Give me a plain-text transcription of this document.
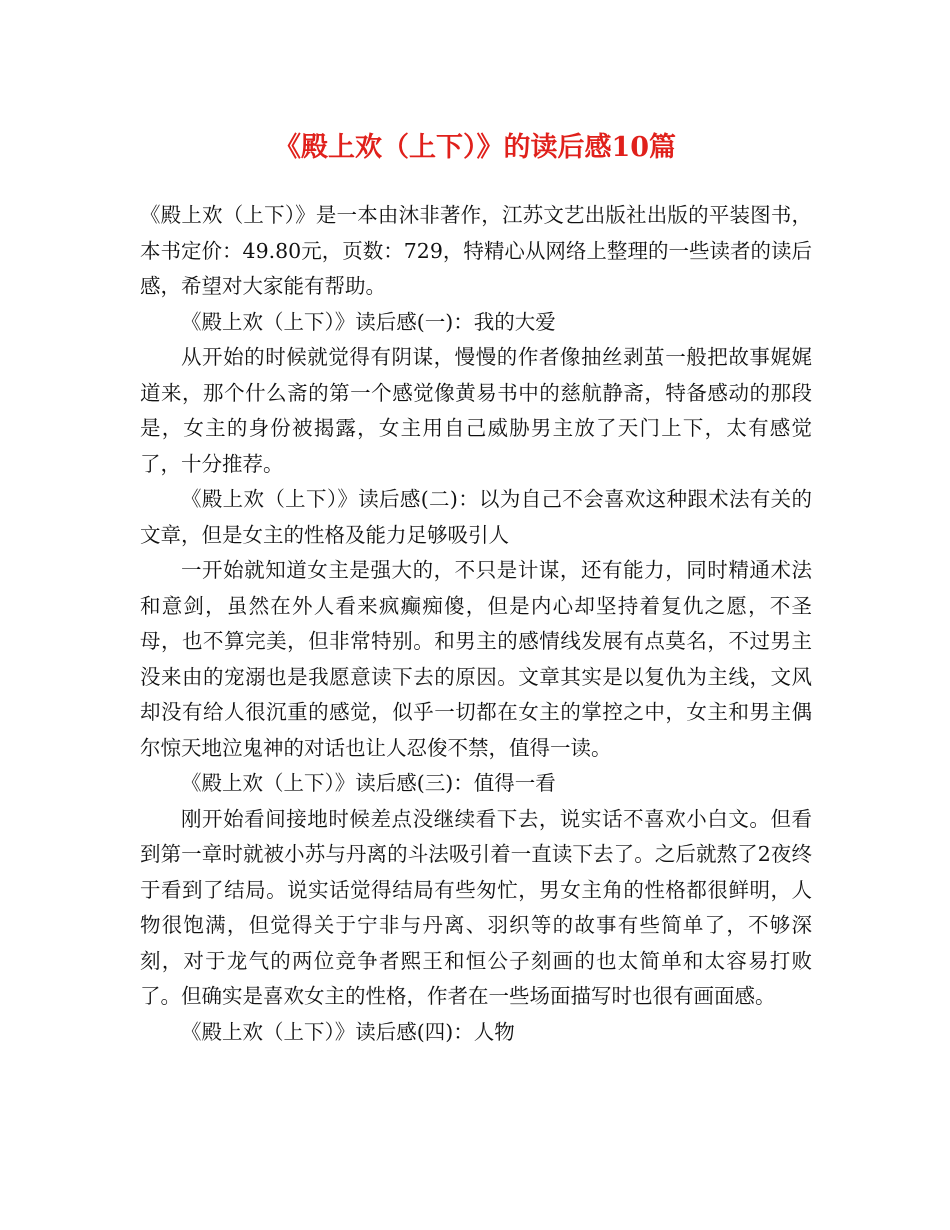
《殿上欢（上下）》的读后感10篇

《殿上欢（上下）》是一本由沐非著作，江苏文艺出版社出版的平装图书，本书定价：49.80元，页数：729，特精心从网络上整理的一些读者的读后感，希望对大家能有帮助。

《殿上欢（上下）》读后感(一)：我的大爱

从开始的时候就觉得有阴谋，慢慢的作者像抽丝剥茧一般把故事娓娓道来，那个什么斋的第一个感觉像黄易书中的慈航静斋，特备感动的那段是，女主的身份被揭露，女主用自己威胁男主放了天门上下，太有感觉了，十分推荐。

《殿上欢（上下）》读后感(二)：以为自己不会喜欢这种跟术法有关的文章，但是女主的性格及能力足够吸引人

一开始就知道女主是强大的，不只是计谋，还有能力，同时精通术法和意剑，虽然在外人看来疯癫痴傻，但是内心却坚持着复仇之愿，不圣母，也不算完美，但非常特别。和男主的感情线发展有点莫名，不过男主没来由的宠溺也是我愿意读下去的原因。文章其实是以复仇为主线，文风却没有给人很沉重的感觉，似乎一切都在女主的掌控之中，女主和男主偶尔惊天地泣鬼神的对话也让人忍俊不禁，值得一读。

《殿上欢（上下）》读后感(三)：值得一看

刚开始看间接地时候差点没继续看下去，说实话不喜欢小白文。但看到第一章时就被小苏与丹离的斗法吸引着一直读下去了。之后就熬了2夜终于看到了结局。说实话觉得结局有些匆忙，男女主角的性格都很鲜明，人物很饱满，但觉得关于宁非与丹离、羽织等的故事有些简单了，不够深刻，对于龙气的两位竞争者熙王和恒公子刻画的也太简单和太容易打败了。但确实是喜欢女主的性格，作者在一些场面描写时也很有画面感。

《殿上欢（上下）》读后感(四)：人物
